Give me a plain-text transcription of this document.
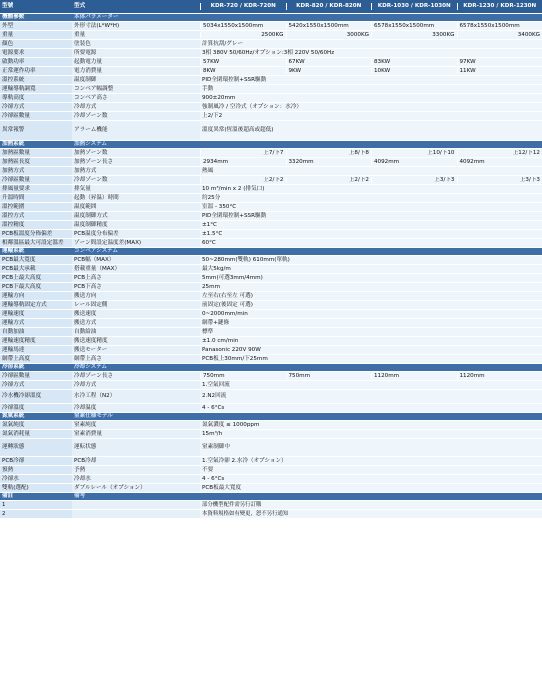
型號	型式	KDR-720 / KDR-720N	KDR-820 / KDR-820N	KDR-1030 / KDR-1030N	KDR-1230 / KDR-1230N
機體參數	本体パラメーター
外型	外形寸法(L*W*H)	5034x1550x1500mm	5420x1550x1500mm	6578x1550x1500mm	6578x1550x1500mm
重量	重量	2500KG	3000KG	3300KG	3400KG
顏色	塗装色	計算抗刮/グレー
電源要求	所要電源	3相 380V 50/60Hz/オプション:3相 220V 50/60Hz
啟動功率	起動電力量	57KW	67KW	83KW	97KW
正常運作功率	電力消費量	8KW	9KW	10KW	11KW
溫控系統	温度制御	PID全閉環控制+SSR驅動
運輸導軌調寬	コンベア幅調整	手動
導軌高度	コンベア高さ	900±20mm
冷卻方式	冷却方式	強制風冷 / 空冷式（オプション：水冷）
冷卻區數量	冷却ゾーン数	上2/下2
異常報警	アラーム機能	溫度異常(恆溫後超高或超低)
加熱系統	加熱システム
加熱區數量	加熱ゾーン数	上7/下7	上8/下8	上10/下10	上12/下12
加熱區長度	加熱ゾーン長さ	2934mm	3320mm	4092mm	4092mm
加熱方式	加熱方式	熱風
冷卻區數量	冷却ゾーン数	上2/下2	上2/下2	上3/下3	上3/下3
排風量要求	排気量	10 m³/min x 2 (排気口)
升溫時間	起動（昇温）時間	約25分
溫控範圍	温度範囲	室溫 - 350°C
溫控方式	温度制御方式	PID全閉環控制+SSR驅動
溫控精度	温度制御精度	±1°C
PCB板溫度分佈偏差	PCB温度分布偏差	±1.5°C
相鄰溫區最大可設定溫差	ゾーン間設定温度差(MAX)	60°C
運輸系統	コンベアシステム
PCB最大寬度	PCB幅（MAX）	50~280mm(雙軌) 610mm(單軌)
PCB最大承載	搭載重量（MAX）	最大5kg/m
PCB上最大高度	PCB上高さ	5mm(可選3mm/4mm)
PCB下最大高度	PCB下高さ	25mm
運輸方向	搬送方向	左至右(右至左 可選)
運輸導軌固定方式	レール固定側	前固定(後固定 可選)
運輸速度	搬送速度	0~2000mm/min
運輸方式	搬送方式	網帶+鏈條
自動加油	自動給油	標準
運輸速度精度	搬送速度精度	±1.0 cm/min
運輸馬達	搬送モーター	Panasonic 220V 90W
網帶上高度	網帶上高さ	PCB板上30mm/下25mm
冷卻系統	冷却システム
冷卻區數量	冷却ゾーン長さ	750mm	750mm	1120mm	1120mm
冷卻方式	冷却方式	1.空氣回流
冷水機冷卻溫度	水冷工程（N2）	2.N2回流
冷卻溫度	冷却温度	4 - 6°Cs
氮氣系統	窒素仕様モデル
氮氣純度	窒素純度	氮氣濃度 ≤ 1000ppm
氮氣消耗量	窒素消費量	15m³/h
運轉狀態	運転状態	窒素制御中
PCB冷卻	PCB冷却	1.空氣冷卻 2.水冷（オプション）
預熱	予熱	不要
冷卻水	冷却水	4 - 6°Cs
雙軌(選配)	ダブルレール（オプション）	PCB板最大寬度
備註	備考
1	部分機型配件需另行訂購
2	本資料規格如有變更，恕不另行通知
